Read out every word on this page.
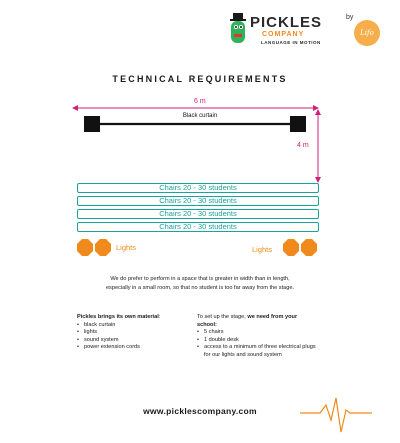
PICKLES
COMPANY
LANGUAGE IN MOTION
by
Lifo
TECHNICAL REQUIREMENTS
6 m
4 m
Black curtain
Chairs 20 - 30 students
Chairs 20 - 30 students
Chairs 20 - 30 students
Chairs 20 - 30 students
Lights	Lights
We do prefer to perform in a space that is greater in width than in length,
especially in a small room, so that no student is too far away from the stage.
Pickles brings its own material:
• black curtain
• lights
• sound system
• power extension cords
To set up the stage, we need from your school:
• 5 chairs
• 1 double desk
• access to a minimum of three electrical plugs for our lights and sound system
www.picklescompany.com
